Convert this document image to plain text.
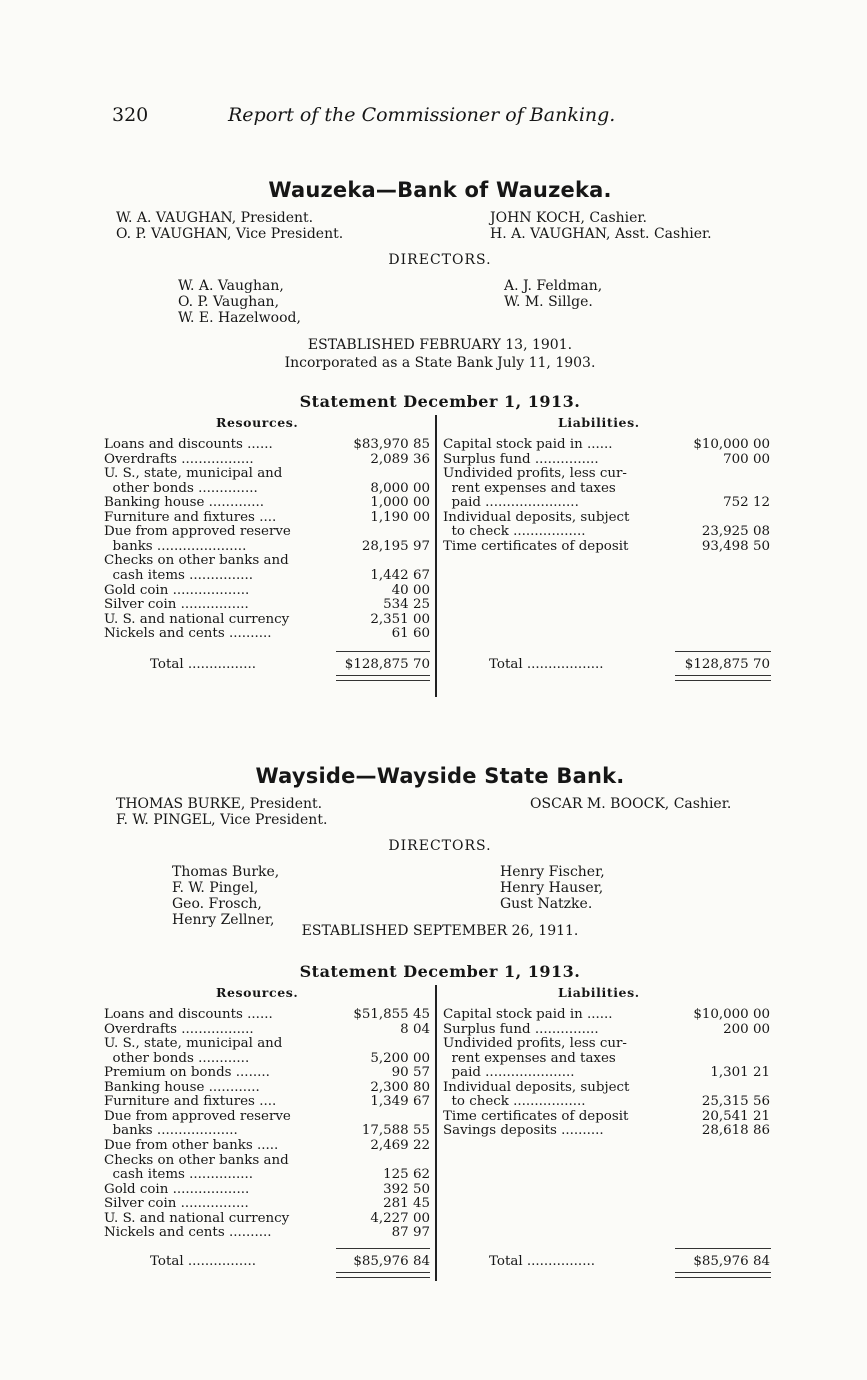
320	Report of the Commissioner of Banking.
Wauzeka—Bank of Wauzeka.
W. A. VAUGHAN, President.
O. P. VAUGHAN, Vice President.
JOHN KOCH, Cashier.
H. A. VAUGHAN, Asst. Cashier.
DIRECTORS.
W. A. Vaughan,
O. P. Vaughan,
W. E. Hazelwood,
A. J. Feldman,
W. M. Sillge.
ESTABLISHED FEBRUARY 13, 1901.
Incorporated as a State Bank July 11, 1903.
Statement December 1, 1913.
Resources.	Liabilities.
Loans and discounts ......	$83,970 85
Overdrafts .................	2,089 36
U. S., state, municipal and
other bonds ..............	8,000 00
Banking house .............	1,000 00
Furniture and fixtures ....	1,190 00
Due from approved reserve
banks .....................	28,195 97
Checks on other banks and
cash items ...............	1,442 67
Gold coin ..................	40 00
Silver coin ................	534 25
U. S. and national currency	2,351 00
Nickels and cents ..........	61 60
Capital stock paid in ......	$10,000 00
Surplus fund ...............	700 00
Undivided profits, less cur-
rent expenses and taxes
paid ......................	752 12
Individual deposits, subject
to check .................	23,925 08
Time certificates of deposit	93,498 50
Total ................	$128,875 70	Total ..................	$128,875 70
Wayside—Wayside State Bank.
THOMAS BURKE, President.
F. W. PINGEL, Vice President.
OSCAR M. BOOCK, Cashier.
DIRECTORS.
Thomas Burke,
F. W. Pingel,
Geo. Frosch,
Henry Zellner,
Henry Fischer,
Henry Hauser,
Gust Natzke.
ESTABLISHED SEPTEMBER 26, 1911.
Statement December 1, 1913.
Resources.	Liabilities.
Loans and discounts ......	$51,855 45
Overdrafts .................	8 04
U. S., state, municipal and
other bonds ............	5,200 00
Premium on bonds ........	90 57
Banking house ............	2,300 80
Furniture and fixtures ....	1,349 67
Due from approved reserve
banks ...................	17,588 55
Due from other banks .....	2,469 22
Checks on other banks and
cash items ...............	125 62
Gold coin ..................	392 50
Silver coin ................	281 45
U. S. and national currency	4,227 00
Nickels and cents ..........	87 97
Capital stock paid in ......	$10,000 00
Surplus fund ...............	200 00
Undivided profits, less cur-
rent expenses and taxes
paid .....................	1,301 21
Individual deposits, subject
to check .................	25,315 56
Time certificates of deposit	20,541 21
Savings deposits ..........	28,618 86
Total ................	$85,976 84	Total ................	$85,976 84
